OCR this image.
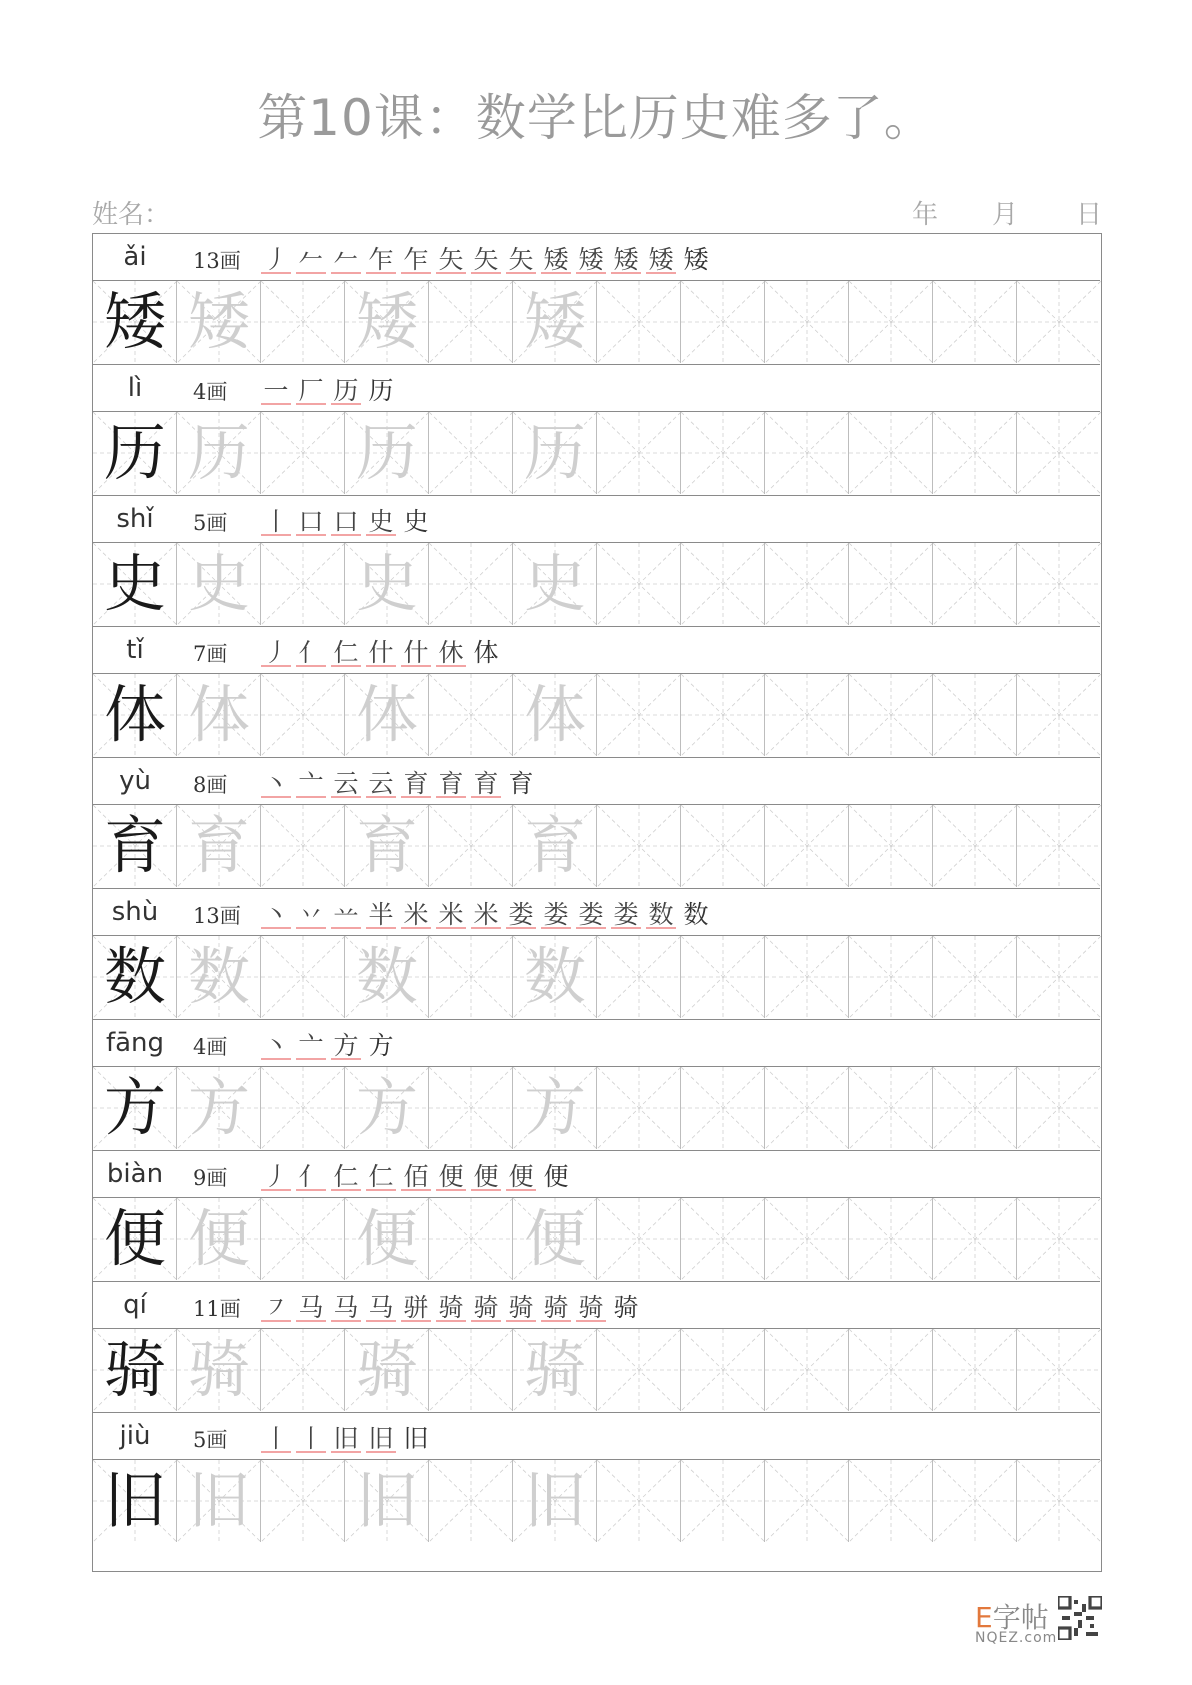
第10课：数学比历史难多了。
姓名：	年 月 日
ǎi	13画 丿 𠂉 𠂉 乍 乍 矢 矢 矢 矮 矮 矮 矮 矮
矮 矮 矮 矮
lì	4画 一 厂 历 历
历 历 历 历
shǐ	5画 丨 口 口 史 史
史 史 史 史
tǐ	7画 丿 亻 仁 什 什 休 体
体 体 体 体
yù	8画 丶 亠 云 云 育 育 育 育
育 育 育 育
shù	13画 丶 丷 䒑 半 米 米 米 娄 娄 娄 娄 数 数
数 数 数 数
fāng	4画 丶 亠 方 方
方 方 方 方
biàn	9画 丿 亻 仁 仁 佰 便 便 便 便
便 便 便 便
qí	11画 ㇇ 马 马 马 骈 骑 骑 骑 骑 骑 骑
骑 骑 骑 骑
jiù	5画 丨 丨 旧 旧 旧
旧 旧 旧 旧
E字帖
NQEZ.com
